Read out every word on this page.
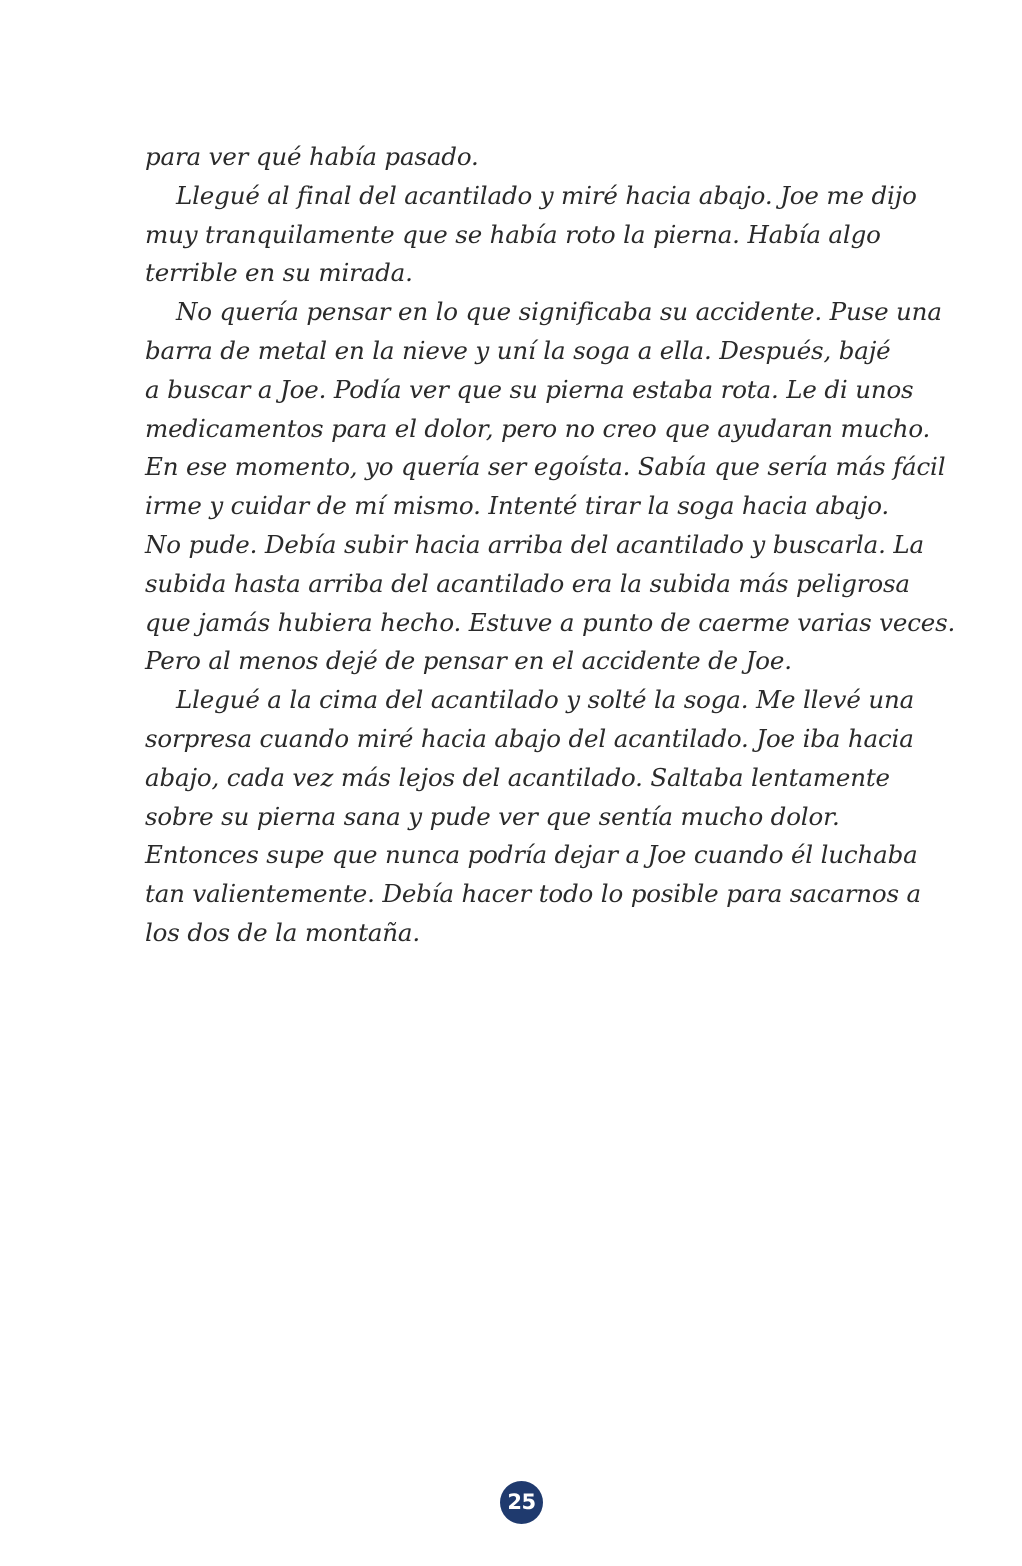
para ver qué había pasado.
Llegué al final del acantilado y miré hacia abajo. Joe me dijo
muy tranquilamente que se había roto la pierna. Había algo
terrible en su mirada.
No quería pensar en lo que significaba su accidente. Puse una
barra de metal en la nieve y uní la soga a ella. Después, bajé
a buscar a Joe. Podía ver que su pierna estaba rota. Le di unos
medicamentos para el dolor, pero no creo que ayudaran mucho.
En ese momento, yo quería ser egoísta. Sabía que sería más fácil
irme y cuidar de mí mismo. Intenté tirar la soga hacia abajo.
No pude. Debía subir hacia arriba del acantilado y buscarla. La
subida hasta arriba del acantilado era la subida más peligrosa
que jamás hubiera hecho. Estuve a punto de caerme varias veces.
Pero al menos dejé de pensar en el accidente de Joe.
Llegué a la cima del acantilado y solté la soga. Me llevé una
sorpresa cuando miré hacia abajo del acantilado. Joe iba hacia
abajo, cada vez más lejos del acantilado. Saltaba lentamente
sobre su pierna sana y pude ver que sentía mucho dolor.
Entonces supe que nunca podría dejar a Joe cuando él luchaba
tan valientemente. Debía hacer todo lo posible para sacarnos a
los dos de la montaña.
25
